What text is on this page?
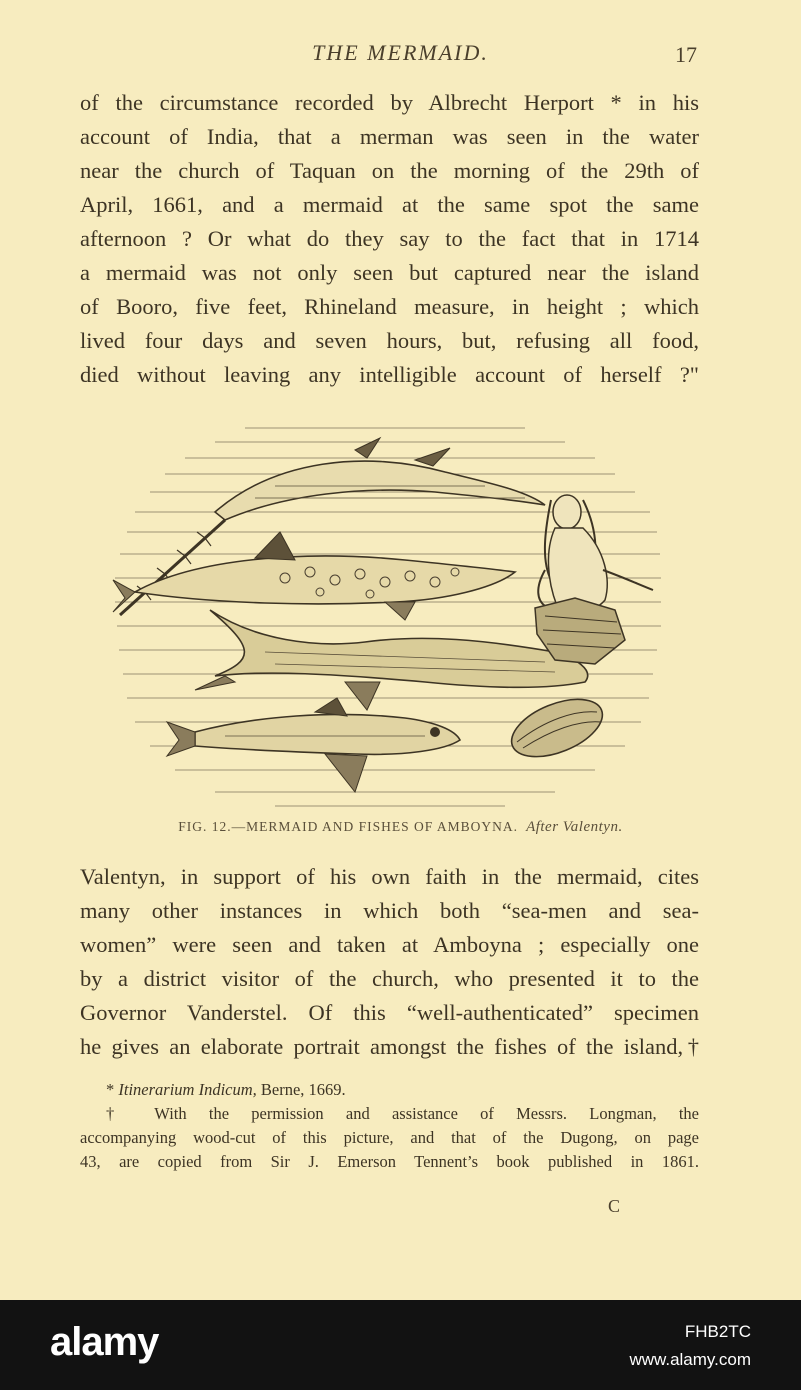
THE MERMAID.	17
of the circumstance recorded by Albrecht Herport * in his
account of India, that a merman was seen in the water
near the church of Taquan on the morning of the 29th of
April, 1661, and a mermaid at the same spot the same
afternoon ? Or what do they say to the fact that in 1714
a mermaid was not only seen but captured near the island
of Booro, five feet, Rhineland measure, in height ; which
lived four days and seven hours, but, refusing all food,
died without leaving any intelligible account of herself ?"
FIG. 12.—MERMAID AND FISHES OF AMBOYNA. After Valentyn.
Valentyn, in support of his own faith in the mermaid, cites
many other instances in which both “sea-men and sea-
women” were seen and taken at Amboyna ; especially one
by a district visitor of the church, who presented it to the
Governor Vanderstel. Of this “well-authenticated” specimen
he gives an elaborate portrait amongst the fishes of the island,†
* Itinerarium Indicum, Berne, 1669.
† With the permission and assistance of Messrs. Longman, the
accompanying wood-cut of this picture, and that of the Dugong, on page
43, are copied from Sir J. Emerson Tennent’s book published in 1861.
C
alamy	FHB2TC
www.alamy.com
